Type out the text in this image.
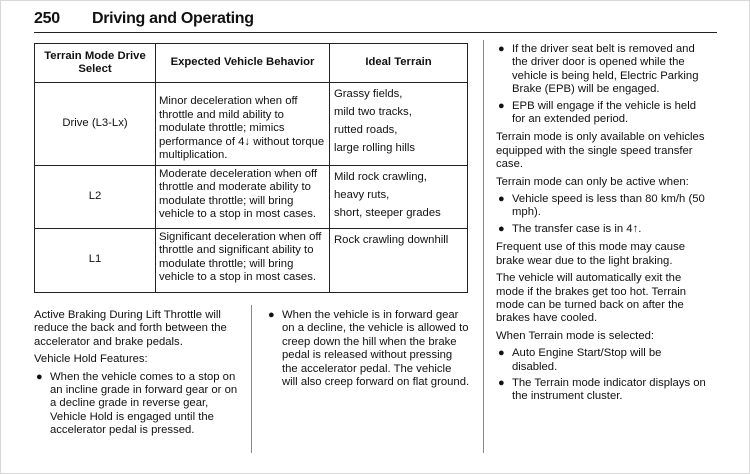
250 Driving and Operating
Terrain Mode Drive Select	Expected Vehicle Behavior	Ideal Terrain
Drive (L3-Lx)	Minor deceleration when off throttle and mild ability to modulate throttle; mimics performance of 4↓ without torque multiplication.	Grassy fields,
mild two tracks,
rutted roads,
large rolling hills

L2	Moderate deceleration when off throttle and moderate ability to modulate throttle; will bring vehicle to a stop in most cases.	Mild rock crawling,
heavy ruts,
short, steeper grades

L1	Significant deceleration when off throttle and significant ability to modulate throttle; will bring vehicle to a stop in most cases.	Rock crawling downhill

Active Braking During Lift Throttle will reduce the back and forth between the accelerator and brake pedals.

Vehicle Hold Features:

● When the vehicle comes to a stop on an incline grade in forward gear or on a decline grade in reverse gear, Vehicle Hold is engaged until the accelerator pedal is pressed.
● When the vehicle is in forward gear on a decline, the vehicle is allowed to creep down the hill when the brake pedal is released without pressing the accelerator pedal. The vehicle will also creep forward on flat ground.
● If the driver seat belt is removed and the driver door is opened while the vehicle is being held, Electric Parking Brake (EPB) will be engaged.
● EPB will engage if the vehicle is held for an extended period.

Terrain mode is only available on vehicles equipped with the single speed transfer case.

Terrain mode can only be active when:

● Vehicle speed is less than 80 km/h (50 mph).
● The transfer case is in 4↑.

Frequent use of this mode may cause brake wear due to the light braking.

The vehicle will automatically exit the mode if the brakes get too hot. Terrain mode can be turned back on after the brakes have cooled.

When Terrain mode is selected:

● Auto Engine Start/Stop will be disabled.
● The Terrain mode indicator displays on the instrument cluster.
